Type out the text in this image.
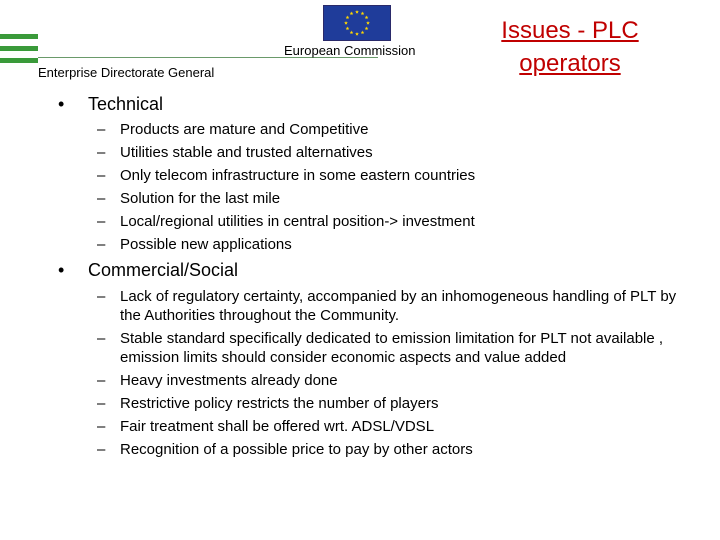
European Commission
Enterprise Directorate General
Issues - PLC operators
• Technical
– Products are mature and Competitive
– Utilities stable and trusted alternatives
– Only telecom infrastructure in some eastern countries
– Solution for the last mile
– Local/regional utilities in central position-> investment
– Possible new applications
• Commercial/Social
– Lack of regulatory certainty, accompanied by an inhomogeneous handling of PLT by the Authorities throughout the Community.
– Stable standard specifically dedicated to emission limitation for PLT not available , emission limits should consider economic aspects and value added
– Heavy investments already done
– Restrictive policy restricts the number of players
– Fair treatment shall be offered wrt. ADSL/VDSL
– Recognition of a possible price to pay by other actors
